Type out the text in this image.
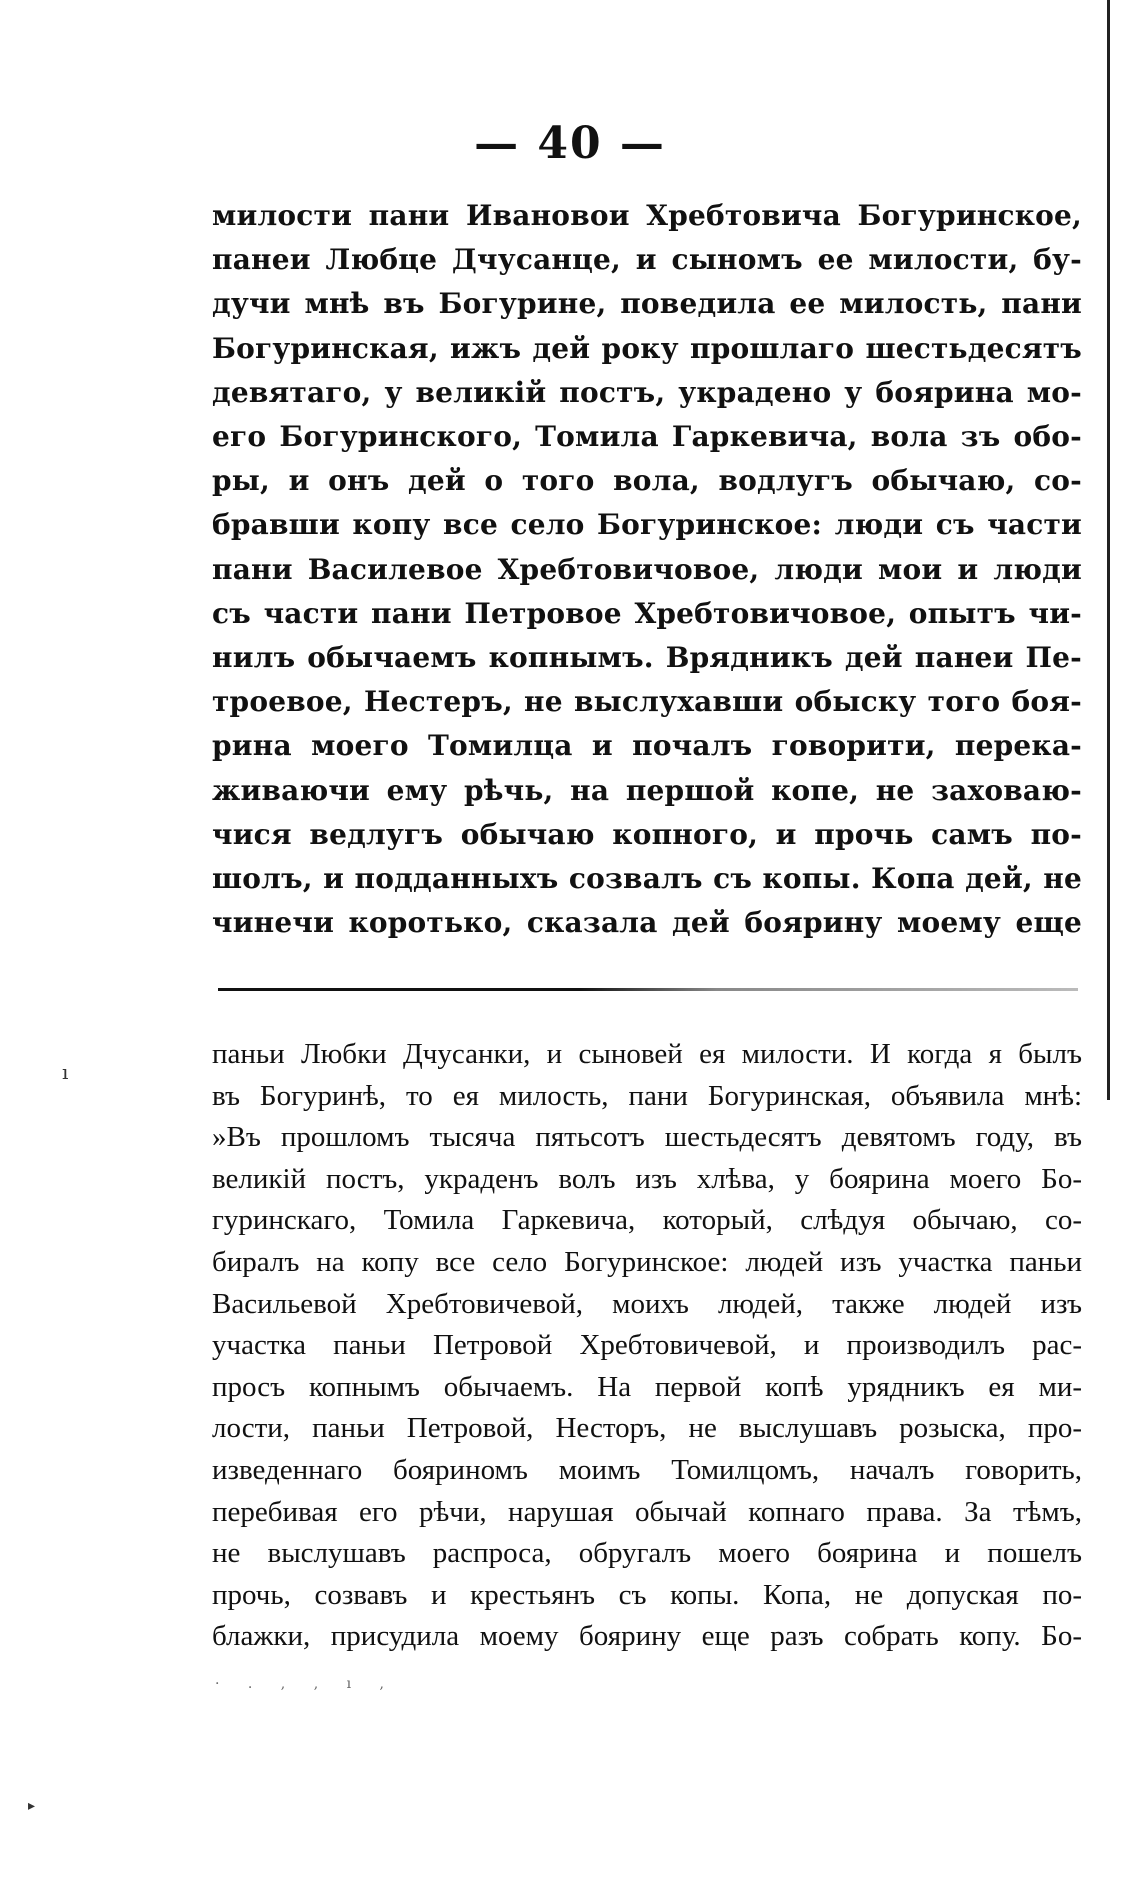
— 40 —
милости пани Ивановои Хребтовича Богуринское,
панеи Любце Дчусанце, и сыномъ ее милости, бу-
дучи мнѣ въ Богурине, поведила ее милость, пани
Богуринская, ижъ дей року прошлаго шестьдесятъ
девятаго, у великій постъ, украдено у боярина мо-
его Богуринского, Томила Гаркевича, вола зъ обо-
ры, и онъ дей о того вола, водлугъ обычаю, со-
бравши копу все село Богуринское: люди съ части
пани Василевое Хребтовичовое, люди мои и люди
съ части пани Петровое Хребтовичовое, опытъ чи-
нилъ обычаемъ копнымъ. Врядникъ дей панеи Пе-
троевое, Нестеръ, не выслухавши обыску того боя-
рина моего Томилца и почалъ говорити, перека-
живаючи ему рѣчь, на першой копе, не заховаю-
чися ведлугъ обычаю копного, и прочь самъ по-
шолъ, и подданныхъ созвалъ съ копы. Копа дей, не
чинечи коротько, сказала дей боярину моему еще
паньи Любки Дчусанки, и сыновей ея милости. И когда я былъ
въ Богуринѣ, то ея милость, пани Богуринская, объявила мнѣ:
»Въ прошломъ тысяча пятьсотъ шестьдесятъ девятомъ году, въ
великій постъ, украденъ волъ изъ хлѣва, у боярина моего Бо-
гуринскаго, Томила Гаркевича, который, слѣдуя обычаю, со-
биралъ на копу все село Богуринское: людей изъ участка паньи
Васильевой Хребтовичевой, моихъ людей, также людей изъ
участка паньи Петровой Хребтовичевой, и производилъ рас-
просъ копнымъ обычаемъ. На первой копѣ урядникъ ея ми-
лости, паньи Петровой, Несторъ, не выслушавъ розыска, про-
изведеннаго бояриномъ моимъ Томилцомъ, началъ говорить,
перебивая его рѣчи, нарушая обычай копнаго права. За тѣмъ,
не выслушавъ распроса, обругалъ моего боярина и пошелъ
прочь, созвавъ и крестьянъ съ копы. Копа, не допуская по-
блажки, присудила моему боярину еще разъ собрать копу. Бо-
· . , , ı ,
ı
▸
